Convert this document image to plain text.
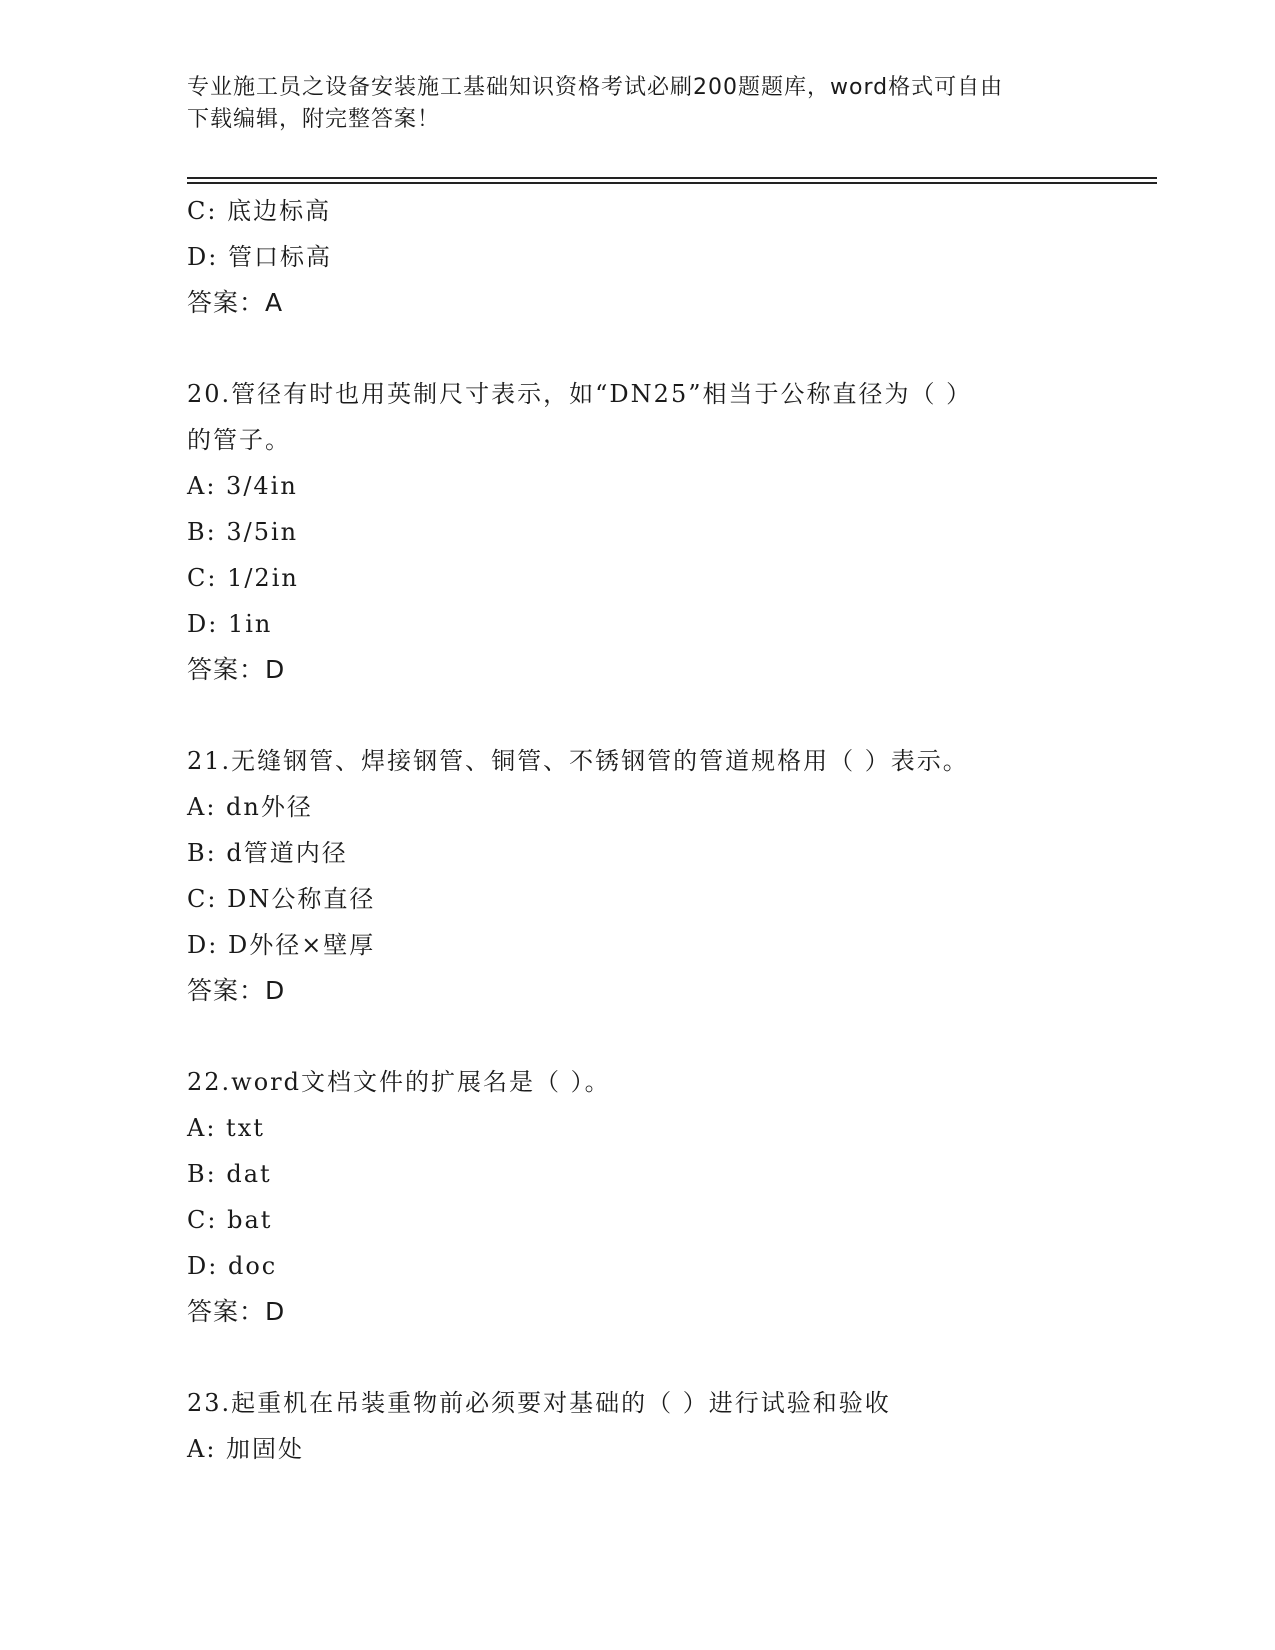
专业施工员之设备安装施工基础知识资格考试必刷200题题库，word格式可自由
下载编辑，附完整答案！
C: 底边标高
D: 管口标高
答案：A
20.管径有时也用英制尺寸表示，如“DN25”相当于公称直径为（ ）
的管子。
A: 3/4in
B: 3/5in
C: 1/2in
D: 1in
答案：D
21.无缝钢管、焊接钢管、铜管、不锈钢管的管道规格用（ ）表示。
A: dn外径
B: d管道内径
C: DN公称直径
D: D外径×壁厚
答案：D
22.word文档文件的扩展名是（ ）。
A: txt
B: dat
C: bat
D: doc
答案：D
23.起重机在吊装重物前必须要对基础的（ ）进行试验和验收
A: 加固处
